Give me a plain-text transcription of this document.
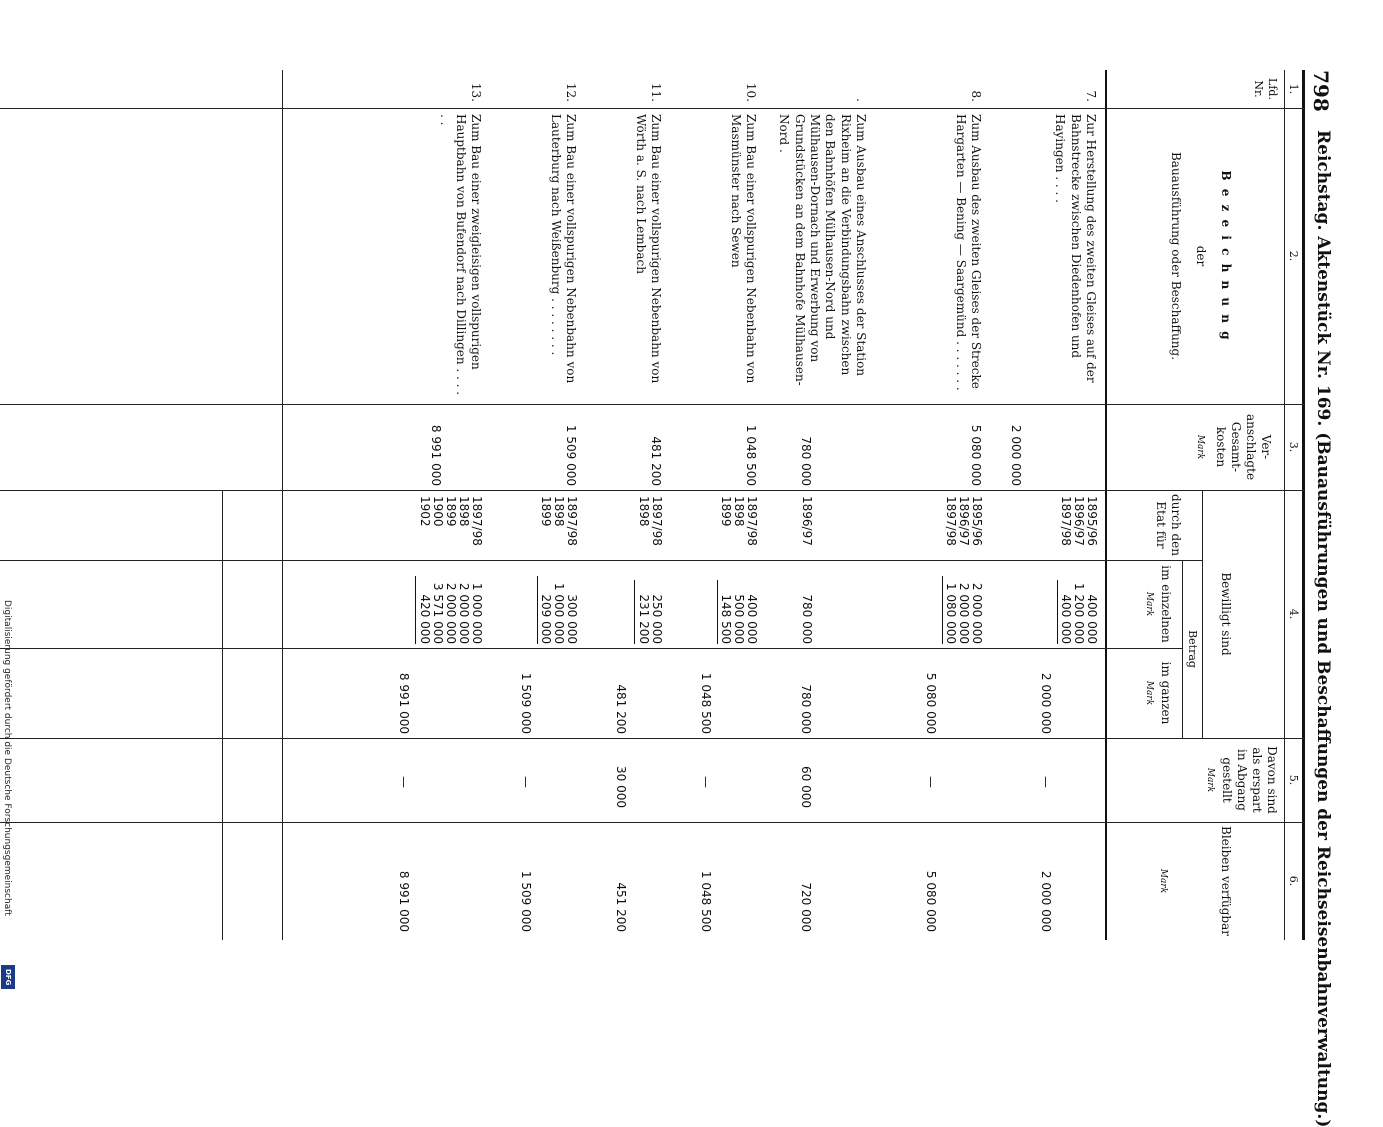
798
Reichstag. Aktenstück Nr. 169. (Bauausführungen und Beschaffungen der Reichseisenbahnverwaltung.)
1.
2.
3.
4.
5.
6.
Lfd. Nr.
B e z e i c h n u n g
der
Bauausführung oder Beschaffung.
Ver-anschlagte Gesamt-kosten
Mark
Bewilligt sind
durch den Etat für
Betrag
im einzelnen
Mark
im ganzen
Mark
Davon sind als erspart in Abgang gestellt
Mark
Bleiben verfügbar
Mark
7.
Zur Herstellung des zweiten Gleises auf der Bahnstrecke zwischen Diedenhofen und Hayingen . . . .
2 000 000
1895/96
1896/97
1897/98
400 000
1 200 000
400 000
2 000 000
—
2 000 000
8.
Zum Ausbau des zweiten Gleises der Strecke Hargarten — Bening — Saargemünd . . . . . . .
5 080 000
1895/96
1896/97
1897/98
2 000 000
2 000 000
1 080 000
5 080 000
—
5 080 000
.
Zum Ausbau eines Anschlusses der Station Rixheim an die Verbindungsbahn zwischen den Bahnhöfen Mülhausen-Nord und Mülhausen-Dornach und Erwerbung von Grundstücken an dem Bahnhofe Mülhausen-Nord .
780 000
1896/97
780 000
780 000
60 000
720 000
10.
Zum Bau einer vollspurigen Nebenbahn von Masmünster nach Sewen
1 048 500
1897/98
1898
1899
400 000
500 000
148 500
1 048 500
—
1 048 500
11.
Zum Bau einer vollspurigen Nebenbahn von Wörth a. S. nach Lembach
481 200
1897/98
1898
250 000
231 200
481 200
30 000
451 200
12.
Zum Bau einer vollspurigen Nebenbahn von Lauterburg nach Weißenburg . . . . . . . .
1 509 000
1897/98
1898
1899
300 000
1 000 000
209 000
1 509 000
—
1 509 000
13.
Zum Bau einer zweigleisigen vollspurigen Hauptbahn von Bufendorf nach Dillingen . . . . . .
8 991 000
1897/98
1898
1899
1900
1902
1 000 000
2 000 000
2 000 000
3 571 000
420 000
8 991 000
—
8 991 000
Digitalisierung gefördert durch die Deutsche Forschungsgemeinschaft
DFG
